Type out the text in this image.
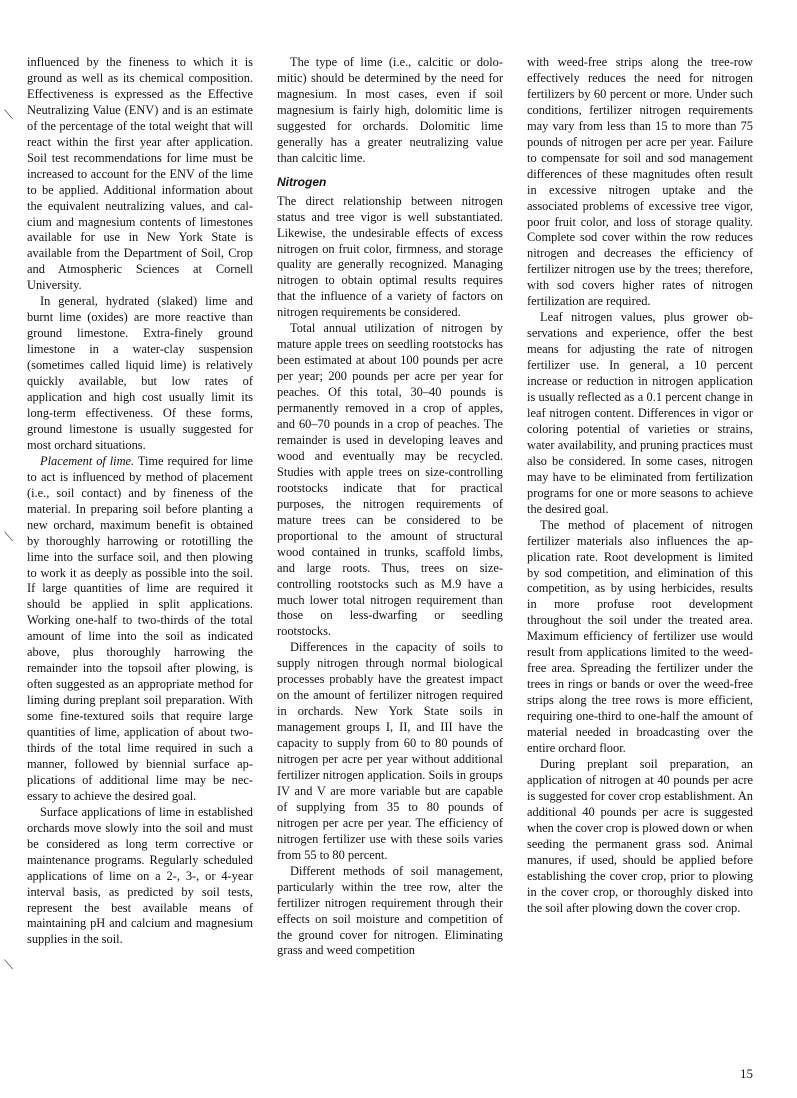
⟍
⟍
⟍

influenced by the fineness to which it is ground as well as its chemical composition. Effectiveness is expressed as the Effective Neutralizing Value (ENV) and is an estimate of the percentage of the total weight that will react within the first year after application. Soil test recommendations for lime must be increased to account for the ENV of the lime to be applied. Additional information about the equivalent neutralizing values, and calcium and magnesium contents of limestones available for use in New York State is available from the Department of Soil, Crop and Atmospheric Sciences at Cornell University.

In general, hydrated (slaked) lime and burnt lime (oxides) are more reactive than ground limestone. Extra-finely ground limestone in a water-clay suspension (sometimes called liquid lime) is relatively quickly available, but low rates of application and high cost usually limit its long-term effectiveness. Of these forms, ground limestone is usually suggested for most orchard situations.

Placement of lime. Time required for lime to act is influenced by method of placement (i.e., soil contact) and by fineness of the material. In preparing soil before planting a new orchard, maximum benefit is obtained by thoroughly harrowing or rototilling the lime into the surface soil, and then plowing to work it as deeply as possible into the soil. If large quantities of lime are required it should be applied in split applications. Working one-half to two-thirds of the total amount of lime into the soil as indicated above, plus thoroughly harrowing the remainder into the topsoil after plowing, is often suggested as an appropriate method for liming during preplant soil preparation. With some fine-textured soils that require large quantities of lime, application of about two-thirds of the total lime required in such a manner, followed by biennial surface applications of additional lime may be necessary to achieve the desired goal.

Surface applications of lime in established orchards move slowly into the soil and must be considered as long term corrective or maintenance programs. Regularly scheduled applications of lime on a 2-, 3-, or 4-year interval basis, as predicted by soil tests, represent the best available means of maintaining pH and calcium and magnesium supplies in the soil.

The type of lime (i.e., calcitic or dolomitic) should be determined by the need for magnesium. In most cases, even if soil magnesium is fairly high, dolomitic lime is suggested for orchards. Dolomitic lime generally has a greater neutralizing value than calcitic lime.

Nitrogen

The direct relationship between nitrogen status and tree vigor is well substantiated. Likewise, the undesirable effects of excess nitrogen on fruit color, firmness, and storage quality are generally recognized. Managing nitrogen to obtain optimal results requires that the influence of a variety of factors on nitrogen requirements be considered.

Total annual utilization of nitrogen by mature apple trees on seedling rootstocks has been estimated at about 100 pounds per acre per year; 200 pounds per acre per year for peaches. Of this total, 30–40 pounds is permanently removed in a crop of apples, and 60–70 pounds in a crop of peaches. The remainder is used in developing leaves and wood and eventually may be recycled. Studies with apple trees on size-controlling rootstocks indicate that for practical purposes, the nitrogen requirements of mature trees can be considered to be proportional to the amount of structural wood contained in trunks, scaffold limbs, and large roots. Thus, trees on size-controlling rootstocks such as M.9 have a much lower total nitrogen requirement than those on less-dwarfing or seedling rootstocks.

Differences in the capacity of soils to supply nitrogen through normal biological processes probably have the greatest impact on the amount of fertilizer nitrogen required in orchards. New York State soils in management groups I, II, and III have the capacity to supply from 60 to 80 pounds of nitrogen per acre per year without additional fertilizer nitrogen application. Soils in groups IV and V are more variable but are capable of supplying from 35 to 80 pounds of nitrogen per acre per year. The efficiency of nitrogen fertilizer use with these soils varies from 55 to 80 percent.

Different methods of soil management, particularly within the tree row, alter the fertilizer nitrogen requirement through their effects on soil moisture and competition of the ground cover for nitrogen. Eliminating grass and weed competition

with weed-free strips along the tree-row effectively reduces the need for nitrogen fertilizers by 60 percent or more. Under such conditions, fertilizer nitrogen requirements may vary from less than 15 to more than 75 pounds of nitrogen per acre per year. Failure to compensate for soil and sod management differences of these magnitudes often result in excessive nitrogen uptake and the associated problems of excessive tree vigor, poor fruit color, and loss of storage quality. Complete sod cover within the row reduces nitrogen and decreases the efficiency of fertilizer nitrogen use by the trees; therefore, with sod covers higher rates of nitrogen fertilization are required.

Leaf nitrogen values, plus grower observations and experience, offer the best means for adjusting the rate of nitrogen fertilizer use. In general, a 10 percent increase or reduction in nitrogen application is usually reflected as a 0.1 percent change in leaf nitrogen content. Differences in vigor or coloring potential of varieties or strains, water availability, and pruning practices must also be considered. In some cases, nitrogen may have to be eliminated from fertilization programs for one or more seasons to achieve the desired goal.

The method of placement of nitrogen fertilizer materials also influences the application rate. Root development is limited by sod competition, and elimination of this competition, as by using herbicides, results in more profuse root development throughout the soil under the treated area. Maximum efficiency of fertilizer use would result from applications limited to the weed-free area. Spreading the fertilizer under the trees in rings or bands or over the weed-free strips along the tree rows is more efficient, requiring one-third to one-half the amount of material needed in broadcasting over the entire orchard floor.

During preplant soil preparation, an application of nitrogen at 40 pounds per acre is suggested for cover crop establishment. An additional 40 pounds per acre is suggested when the cover crop is plowed down or when seeding the permanent grass sod. Animal manures, if used, should be applied before establishing the cover crop, prior to plowing in the cover crop, or thoroughly disked into the soil after plowing down the cover crop.

15
